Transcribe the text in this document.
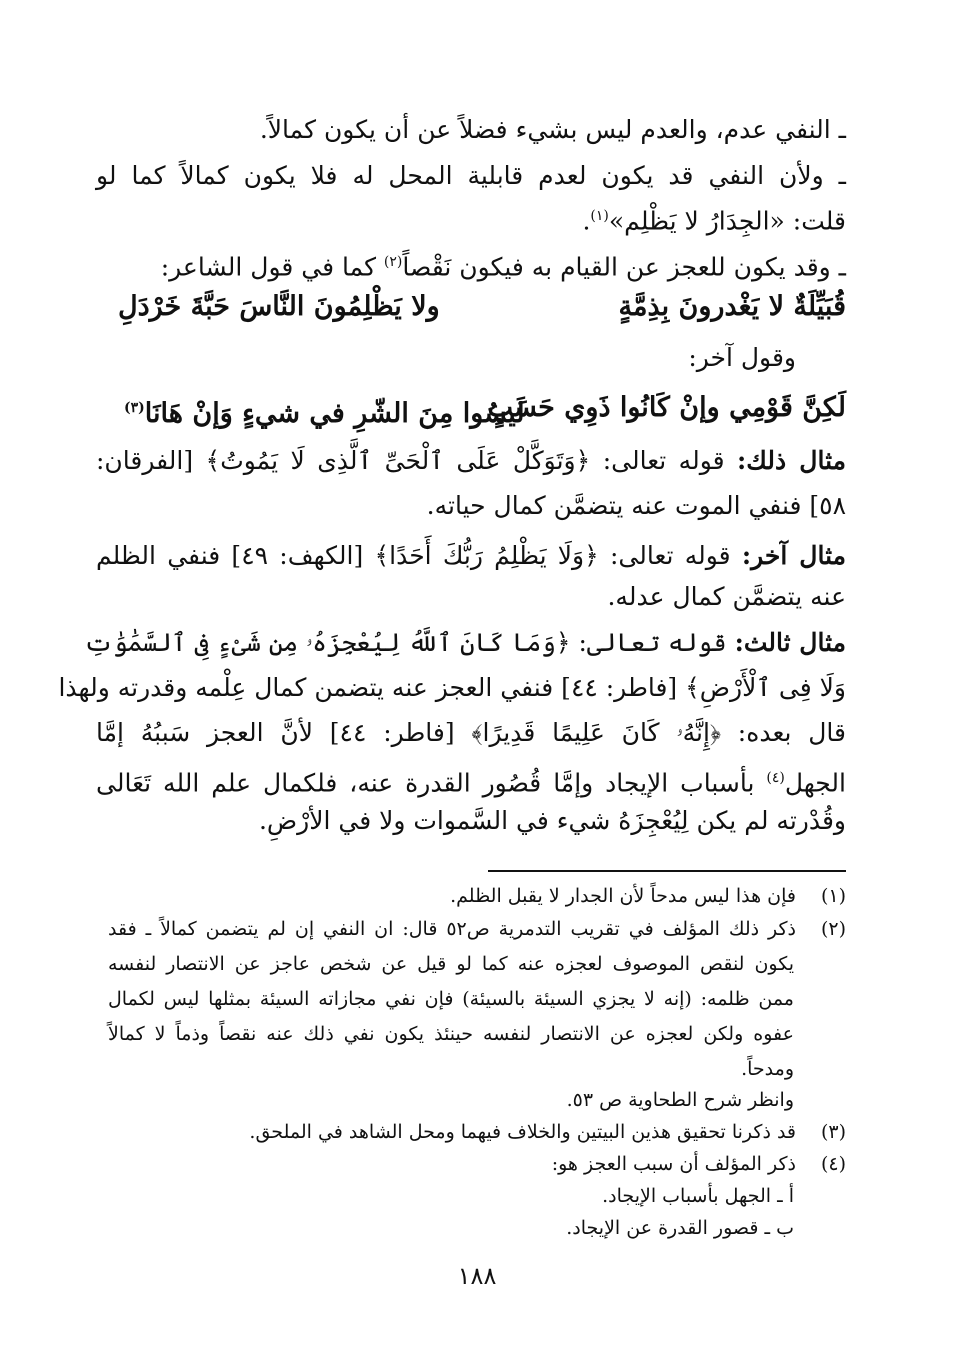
ـ النفي عدم، والعدم ليس بشيء فضلاً عن أن يكون كمالاً.
ـ ولأن النفي قد يكون لعدم قابلية المحل له فلا يكون كمالاً كما لو
قلت: «الجِدَارُ لا يَظْلِم»$^{(١)}$.
ـ وقد يكون للعجز عن القيام به فيكون نَقْصاً$^{(٢)}$ كما في قول الشاعر:
قُبَيِّلَةٌ لا يَغْدرونَ بِذِمَّةٍ
ولا يَظْلِمُونَ النَّاسَ حَبَّةَ خَرْدَلِ
وقول آخر:
لَكِنَّ قَوْمِي وإنْ كَانُوا ذَوِي حَسَبٍ
لَيسُوا مِنَ الشّرِ في شيءٍ وَإنْ هَانَا$^{(٣)}$
مثال ذلك: قوله تعالى: ﴿وَتَوَكَّلْ عَلَى ٱلْحَىِّ ٱلَّذِى لَا يَمُوتُ﴾ [الفرقان:
٥٨] فنفي الموت عنه يتضمَّن كمال حياته.
مثال آخر: قوله تعالى: ﴿وَلَا يَظْلِمُ رَبُّكَ أَحَدًا﴾ [الكهف: ٤٩] فنفي الظلم
عنه يتضمَّن كمال عدله.
مثال ثالث: قوله تعالى: ﴿وَمَا كَانَ ٱللَّهُ لِيُعْجِزَهُۥ مِن شَىْءٍ فِى ٱلسَّمَٰوَٰتِ
وَلَا فِى ٱلْأَرْضِ﴾ [فاطر: ٤٤] فنفي العجز عنه يتضمن كمال عِلْمه وقدرته ولهذا
قال بعده: ﴿إِنَّهُۥ كَانَ عَلِيمًا قَدِيرًا﴾ [فاطر: ٤٤] لأنَّ العجز سَببُهُ إمَّا
الجهل$^{(٤)}$ بأسباب الإيجاد وإمَّا قُصُور القدرة عنه، فلكمال علم الله تَعَالى
وقُدْرته لم يكن لِيُعْجِزَهُ شيء في السَّموات ولا في الأرْضِ.
(١)فإن هذا ليس مدحاً لأن الجدار لا يقبل الظلم.
(٢)ذكر ذلك المؤلف في تقريب التدمرية ص٥٢ قال: ان النفي إن لم يتضمن كمالاً ـ فقد
يكون لنقص الموصوف لعجزه عنه كما لو قيل عن شخص عاجز عن الانتصار لنفسه
ممن ظلمه: (إنه لا يجزي السيئة بالسيئة) فإن نفي مجازاته السيئة بمثلها ليس لكمال
عفوه ولكن لعجزه عن الانتصار لنفسه حينئذ يكون نفي ذلك عنه نقصاً وذماً لا كمالاً
ومدحاً.
وانظر شرح الطحاوية ص ٥٣.
(٣)قد ذكرنا تحقيق هذين البيتين والخلاف فيهما ومحل الشاهد في الملحق.
(٤)ذكر المؤلف أن سبب العجز هو:
أ ـ الجهل بأسباب الإيجاد.
ب ـ قصور القدرة عن الإيجاد.
١٨٨
